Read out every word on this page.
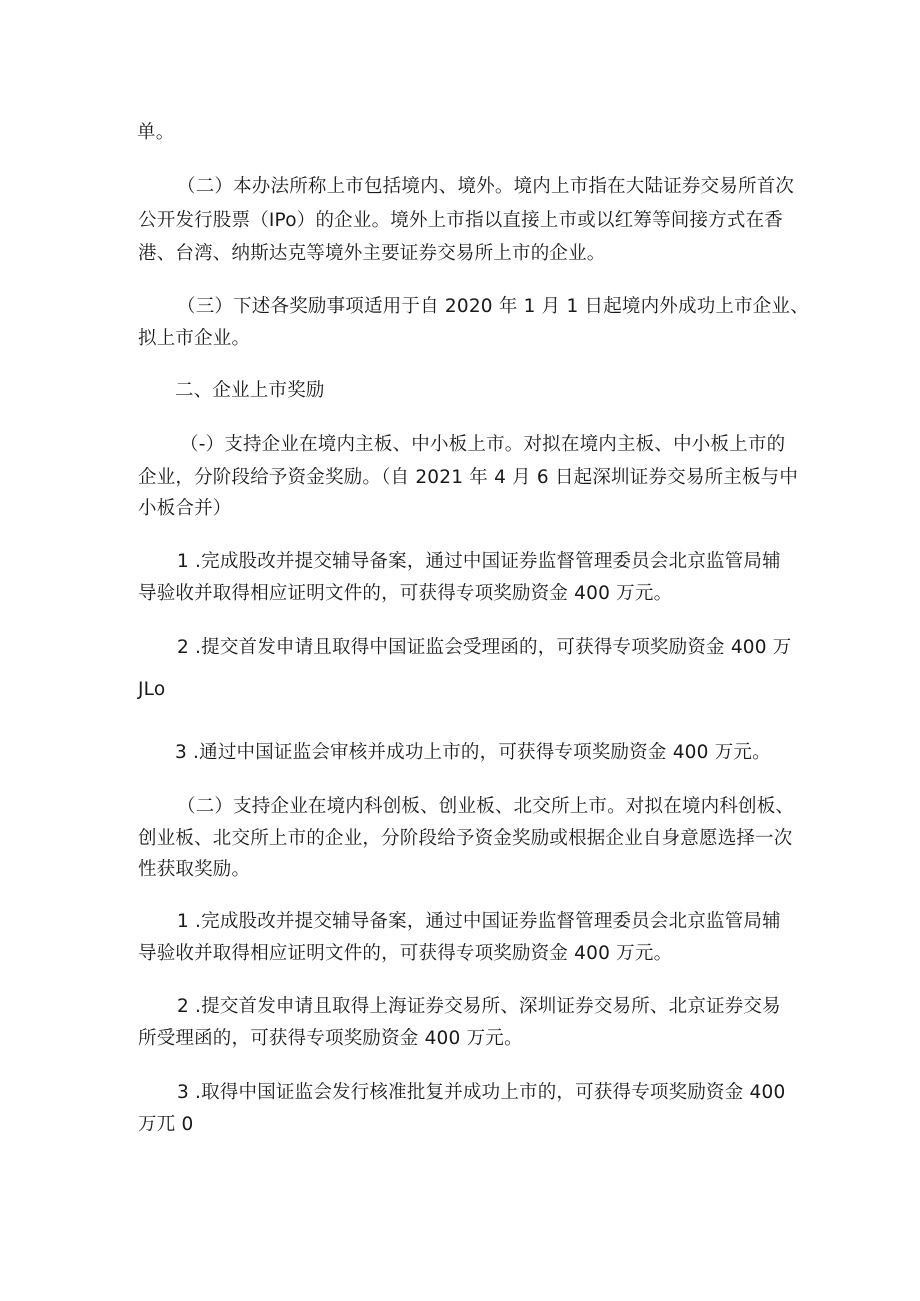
单。
（二）本办法所称上市包括境内、境外。境内上市指在大陆证券交易所首次
公开发行股票（IPo）的企业。境外上市指以直接上市或以红筹等间接方式在香
港、台湾、纳斯达克等境外主要证券交易所上市的企业。
（三）下述各奖励事项适用于自 2020 年 1 月 1 日起境内外成功上市企业、
拟上市企业。
二、企业上市奖励
（-）支持企业在境内主板、中小板上市。对拟在境内主板、中小板上市的
企业，分阶段给予资金奖励。（自 2021 年 4 月 6 日起深圳证券交易所主板与中
小板合并）
1 .完成股改并提交辅导备案，通过中国证券监督管理委员会北京监管局辅
导验收并取得相应证明文件的，可获得专项奖励资金 400 万元。
2 .提交首发申请且取得中国证监会受理函的，可获得专项奖励资金 400 万
JLo
3 .通过中国证监会审核并成功上市的，可获得专项奖励资金 400 万元。
（二）支持企业在境内科创板、创业板、北交所上市。对拟在境内科创板、
创业板、北交所上市的企业，分阶段给予资金奖励或根据企业自身意愿选择一次
性获取奖励。
1 .完成股改并提交辅导备案，通过中国证券监督管理委员会北京监管局辅
导验收并取得相应证明文件的，可获得专项奖励资金 400 万元。
2 .提交首发申请且取得上海证券交易所、深圳证券交易所、北京证券交易
所受理函的，可获得专项奖励资金 400 万元。
3 .取得中国证监会发行核准批复并成功上市的，可获得专项奖励资金 400
万兀 0
